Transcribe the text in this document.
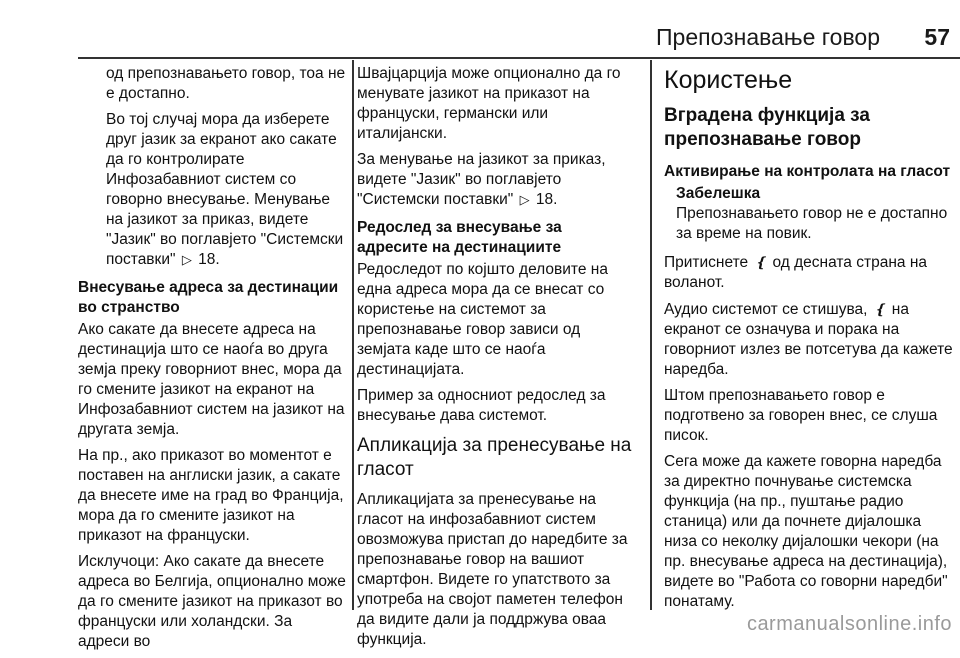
Препознавање говор 57

од препознавањето говор, тоа не е достапно.

Во тој случај мора да изберете друг јазик за екранот ако сакате да го контролирате Инфозабавниот систем со говорно внесување. Менување на јазикот за приказ, видете "Јазик" во поглавјето "Системски поставки" ▷ 18.

Внесување адреса за дестинации во странство

Ако сакате да внесете адреса на дестинација што се наоѓа во друга земја преку говорниот внес, мора да го смените јазикот на екранот на Инфозабавниот систем на јазикот на другата земја.

На пр., ако приказот во моментот е поставен на англиски јазик, а сакате да внесете име на град во Франција, мора да го смените јазикот на приказот на француски.

Исклучоци: Ако сакате да внесете адреса во Белгија, опционално може да го смените јазикот на приказот во француски или холандски. За адреси во

Швајцарција може опционално да го менувате јазикот на приказот на француски, германски или италијански.

За менување на јазикот за приказ, видете "Јазик" во поглавјето "Системски поставки" ▷ 18.

Редослед за внесување за адресите на дестинациите

Редоследот по којшто деловите на една адреса мора да се внесат со користење на системот за препознавање говор зависи од земјата каде што се наоѓа дестинацијата.

Пример за односниот редослед за внесување дава системот.

Апликација за пренесување на гласот

Апликацијата за пренесување на гласот на инфозабавниот систем овозможува пристап до наредбите за препознавање говор на вашиот смартфон. Видете го упатството за употреба на својот паметен телефон да видите дали ја поддржува оваа функција.

Користење
Вградена функција за препознавање говор
Активирање на контролата на гласот
Забелешка
Препознавањето говор не е достапно за време на повик.

Притиснете ❴ од десната страна на воланот.

Аудио системот се стишува, ❴ на екранот се означува и порака на говорниот излез ве потсетува да кажете наредба.

Штом препознавањето говор е подготвено за говорен внес, се слуша писок.

Сега може да кажете говорна наредба за директно почнување системска функција (на пр., пуштање радио станица) или да почнете дијалошка низа со неколку дијалошки чекори (на пр. внесување адреса на дестинација), видете во "Работа со говорни наредби" понатаму.

carmanualsonline.info
